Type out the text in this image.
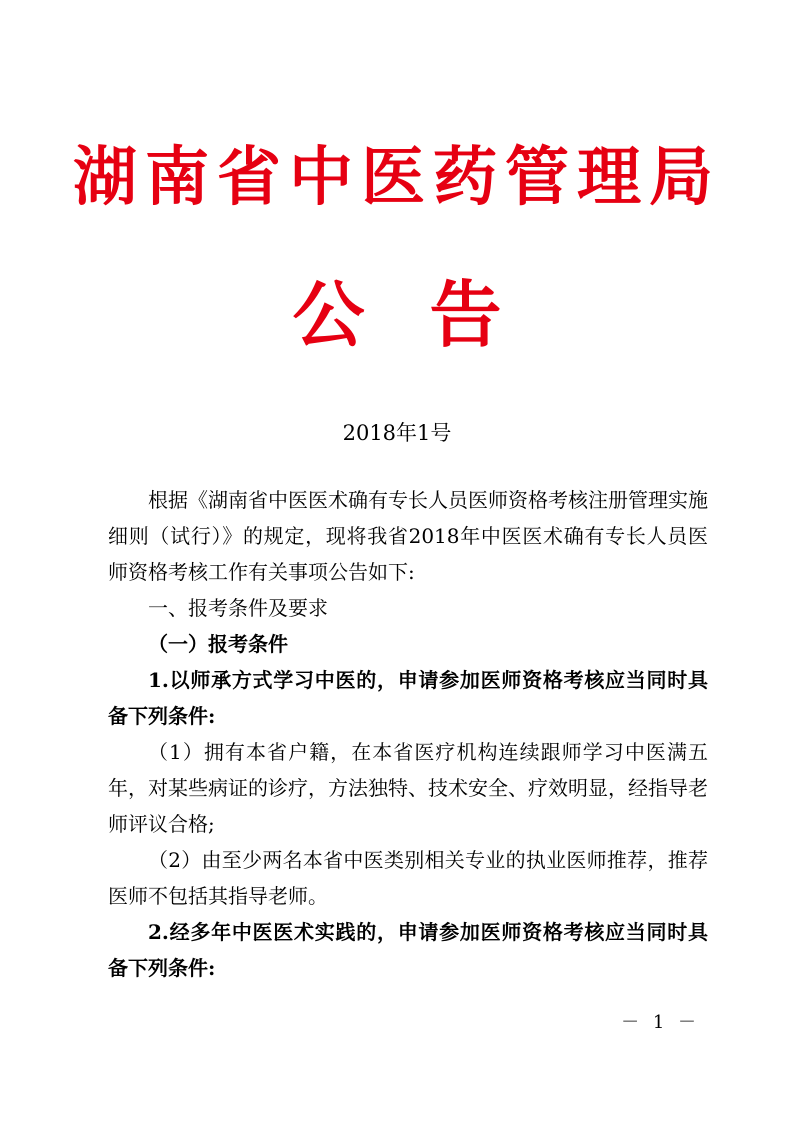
湖南省中医药管理局
公 告
2018年1号

根据《湖南省中医医术确有专长人员医师资格考核注册管理实施细则（试行）》的规定，现将我省2018年中医医术确有专长人员医师资格考核工作有关事项公告如下:

一、报考条件及要求

（一）报考条件

1.以师承方式学习中医的，申请参加医师资格考核应当同时具备下列条件:

（1）拥有本省户籍，在本省医疗机构连续跟师学习中医满五年，对某些病证的诊疗，方法独特、技术安全、疗效明显，经指导老师评议合格;

（2）由至少两名本省中医类别相关专业的执业医师推荐，推荐医师不包括其指导老师。

2.经多年中医医术实践的，申请参加医师资格考核应当同时具备下列条件:

－ 1 －
